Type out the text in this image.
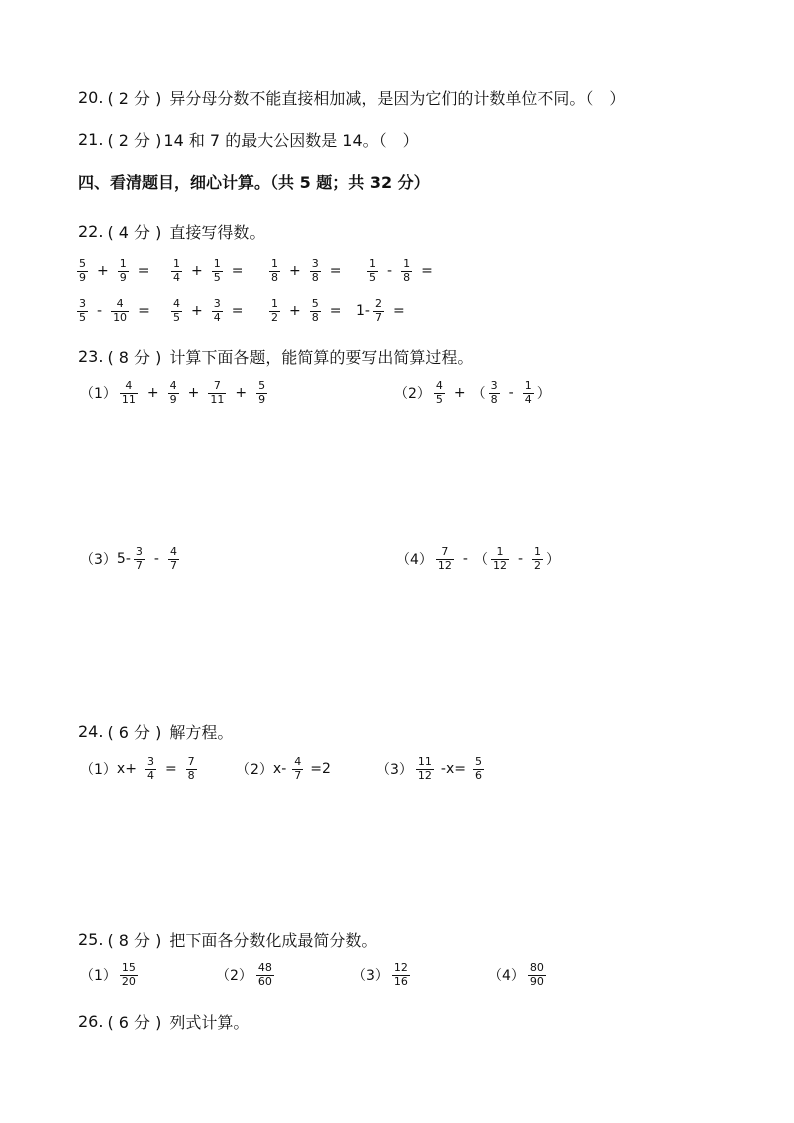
20. ( 2 分 ) 异分母分数不能直接相加减，是因为它们的计数单位不同。（　）
21. ( 2 分 ) 14 和 7 的最大公因数是 14。（　）
四、看清题目，细心计算。（共 5 题；共 32 分）
22. ( 4 分 ) 直接写得数。
$\frac{5}{9} + \frac{1}{9} = \frac{1}{4} + \frac{1}{5} = \frac{1}{8} + \frac{3}{8} = \frac{1}{5} - \frac{1}{8}$ =
$\frac{3}{5} - \frac{4}{10} = \frac{4}{5} + \frac{3}{4} = \frac{1}{2} + \frac{5}{8} = 1- \frac{2}{7}$ =
23. ( 8 分 ) 计算下面各题，能简算的要写出简算过程。
$(1) \frac{4}{11} + \frac{4}{9} + \frac{7}{11} + \frac{5}{9}$	$(2) \frac{4}{5}$ + （ $\frac{3}{8} - \frac{1}{4}$ ）
（3） $5- \frac{3}{7} - \frac{4}{7}$	$(4) \frac{7}{12}$ - （ $\frac{1}{12} - \frac{1}{2}$ ）
24. ( 6 分 ) 解方程。
（1） $x+ \frac{3}{4} = \frac{7}{8}$	（2） $x- \frac{4}{7} =2$	$(3) \frac{11}{12} -x= \frac{5}{6}$
25. ( 8 分 ) 把下面各分数化成最简分数。
$(1) \frac{15}{20}$	$(2) \frac{48}{60}$	$(3) \frac{12}{16}$	$(4) \frac{80}{90}$
26. ( 6 分 ) 列式计算。
